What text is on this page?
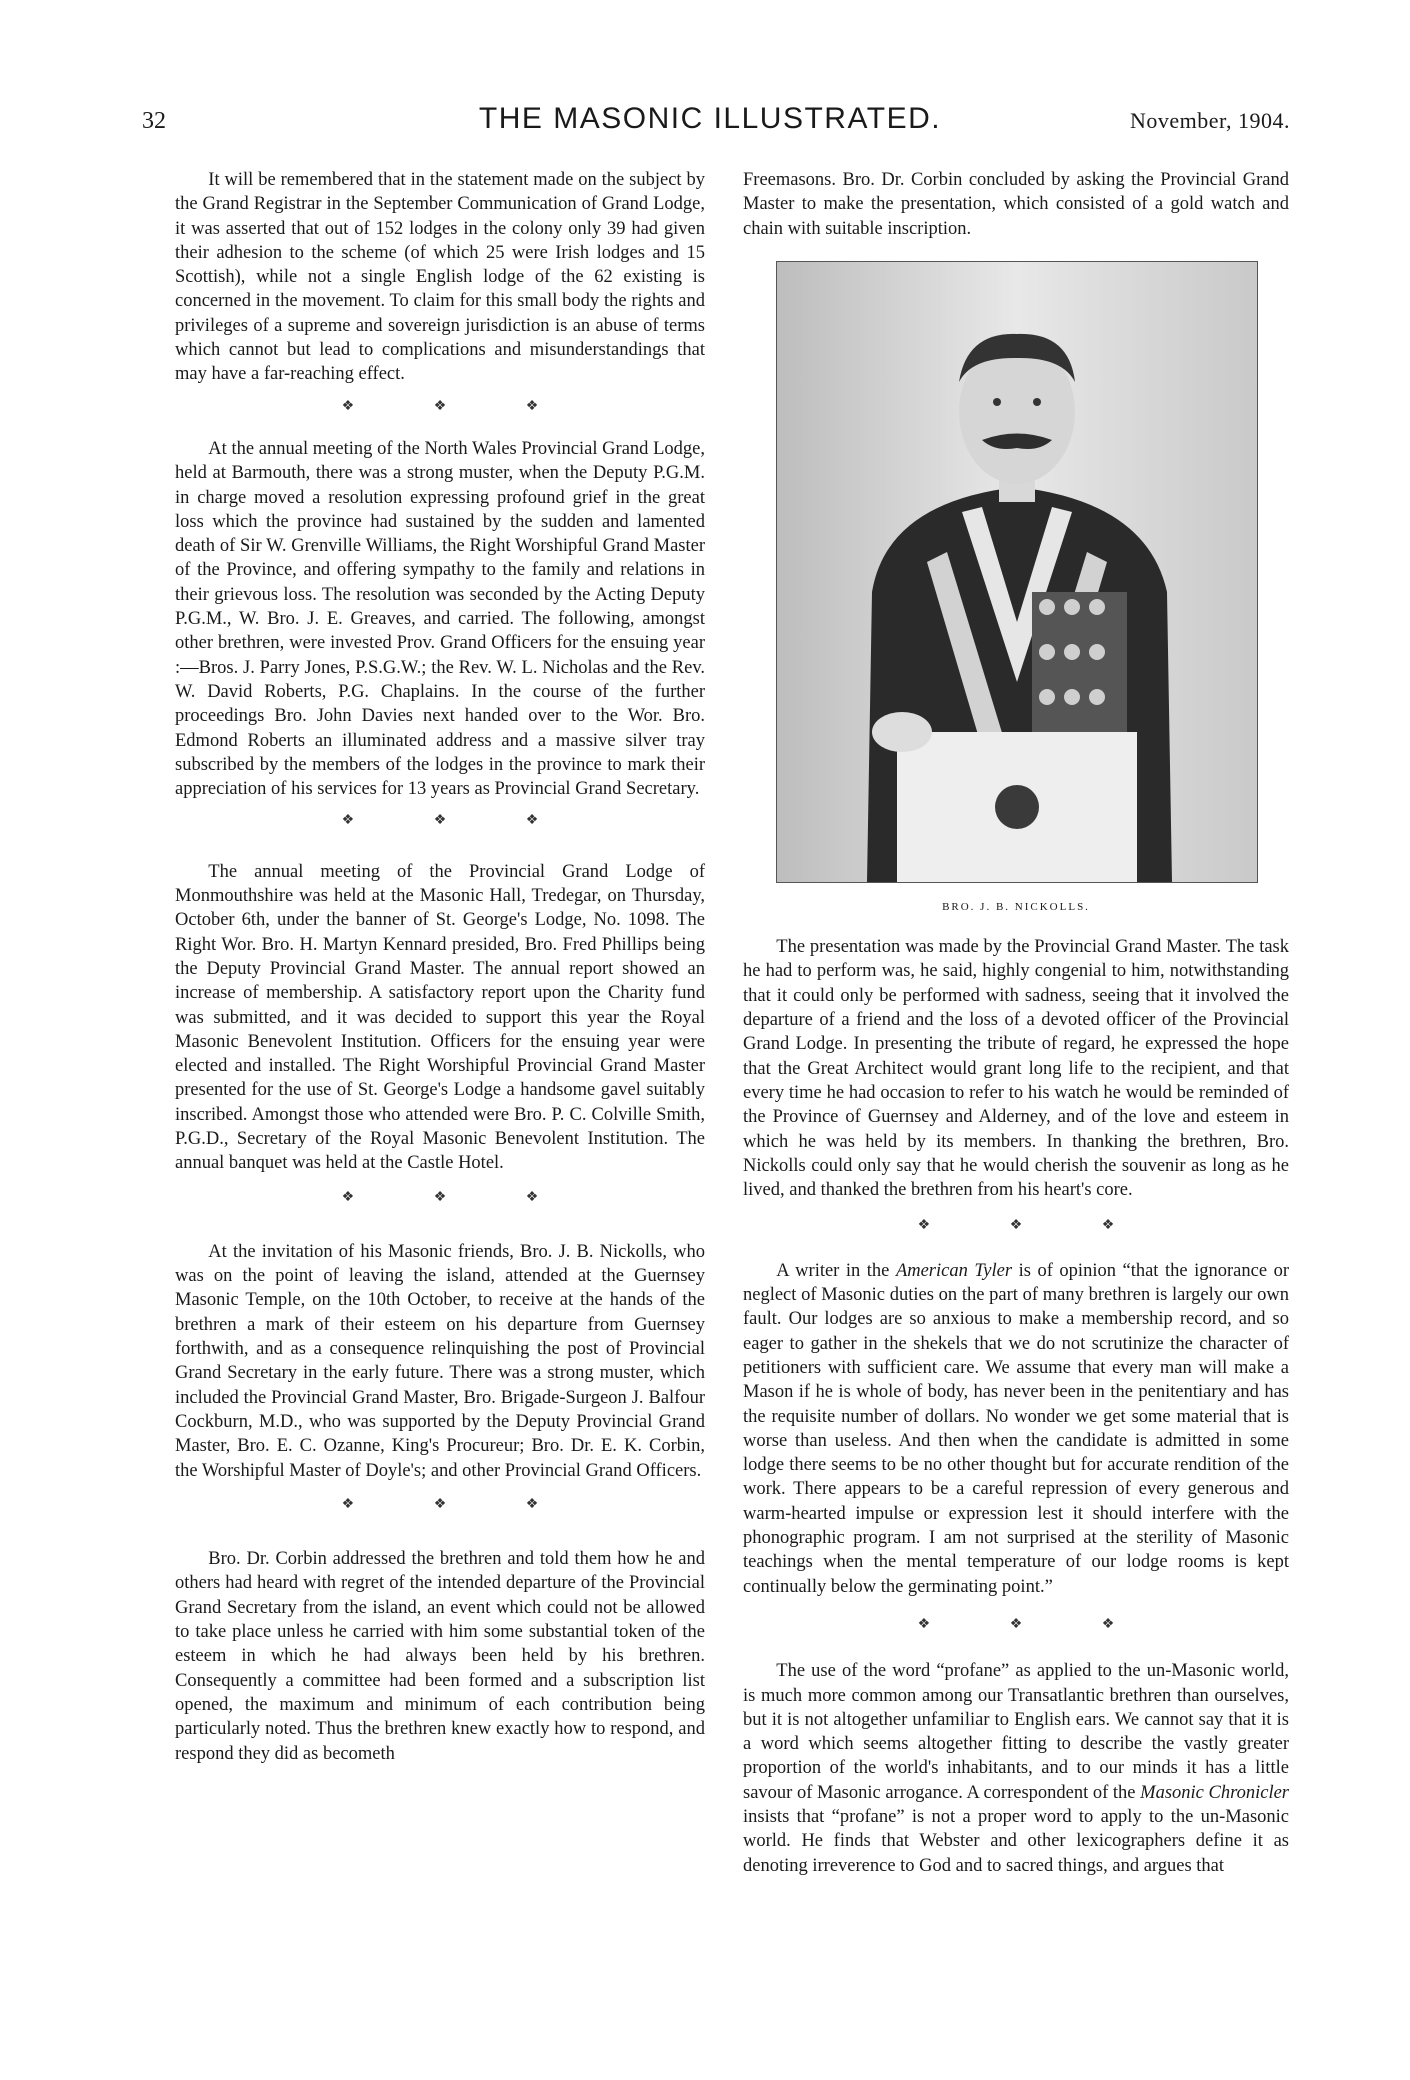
32	THE MASONIC ILLUSTRATED.	November, 1904.

It will be remembered that in the statement made on the subject by the Grand Registrar in the September Communication of Grand Lodge, it was asserted that out of 152 lodges in the colony only 39 had given their adhesion to the scheme (of which 25 were Irish lodges and 15 Scottish), while not a single English lodge of the 62 existing is concerned in the movement. To claim for this small body the rights and privileges of a supreme and sovereign jurisdiction is an abuse of terms which cannot but lead to complications and misunderstandings that may have a far-reaching effect.

❖ ❖ ❖

At the annual meeting of the North Wales Provincial Grand Lodge, held at Barmouth, there was a strong muster, when the Deputy P.G.M. in charge moved a resolution expressing profound grief in the great loss which the province had sustained by the sudden and lamented death of Sir W. Grenville Williams, the Right Worshipful Grand Master of the Province, and offering sympathy to the family and relations in their grievous loss. The resolution was seconded by the Acting Deputy P.G.M., W. Bro. J. E. Greaves, and carried. The following, amongst other brethren, were invested Prov. Grand Officers for the ensuing year :—Bros. J. Parry Jones, P.S.G.W.; the Rev. W. L. Nicholas and the Rev. W. David Roberts, P.G. Chaplains. In the course of the further proceedings Bro. John Davies next handed over to the Wor. Bro. Edmond Roberts an illuminated address and a massive silver tray subscribed by the members of the lodges in the province to mark their appreciation of his services for 13 years as Provincial Grand Secretary.

❖ ❖ ❖

The annual meeting of the Provincial Grand Lodge of Monmouthshire was held at the Masonic Hall, Tredegar, on Thursday, October 6th, under the banner of St. George's Lodge, No. 1098. The Right Wor. Bro. H. Martyn Kennard presided, Bro. Fred Phillips being the Deputy Provincial Grand Master. The annual report showed an increase of membership. A satisfactory report upon the Charity fund was submitted, and it was decided to support this year the Royal Masonic Benevolent Institution. Officers for the ensuing year were elected and installed. The Right Worshipful Provincial Grand Master presented for the use of St. George's Lodge a handsome gavel suitably inscribed. Amongst those who attended were Bro. P. C. Colville Smith, P.G.D., Secretary of the Royal Masonic Benevolent Institution. The annual banquet was held at the Castle Hotel.

❖ ❖ ❖

At the invitation of his Masonic friends, Bro. J. B. Nickolls, who was on the point of leaving the island, attended at the Guernsey Masonic Temple, on the 10th October, to receive at the hands of the brethren a mark of their esteem on his departure from Guernsey forthwith, and as a consequence relinquishing the post of Provincial Grand Secretary in the early future. There was a strong muster, which included the Provincial Grand Master, Bro. Brigade-Surgeon J. Balfour Cockburn, M.D., who was supported by the Deputy Provincial Grand Master, Bro. E. C. Ozanne, King's Procureur; Bro. Dr. E. K. Corbin, the Worshipful Master of Doyle's; and other Provincial Grand Officers.

❖ ❖ ❖

Bro. Dr. Corbin addressed the brethren and told them how he and others had heard with regret of the intended departure of the Provincial Grand Secretary from the island, an event which could not be allowed to take place unless he carried with him some substantial token of the esteem in which he had always been held by his brethren. Consequently a committee had been formed and a subscription list opened, the maximum and minimum of each contribution being particularly noted. Thus the brethren knew exactly how to respond, and respond they did as becometh

Freemasons. Bro. Dr. Corbin concluded by asking the Provincial Grand Master to make the presentation, which consisted of a gold watch and chain with suitable inscription.

BRO. J. B. NICKOLLS.

The presentation was made by the Provincial Grand Master. The task he had to perform was, he said, highly congenial to him, notwithstanding that it could only be performed with sadness, seeing that it involved the departure of a friend and the loss of a devoted officer of the Provincial Grand Lodge. In presenting the tribute of regard, he expressed the hope that the Great Architect would grant long life to the recipient, and that every time he had occasion to refer to his watch he would be reminded of the Province of Guernsey and Alderney, and of the love and esteem in which he was held by its members. In thanking the brethren, Bro. Nickolls could only say that he would cherish the souvenir as long as he lived, and thanked the brethren from his heart's core.

❖ ❖ ❖

A writer in the American Tyler is of opinion “that the ignorance or neglect of Masonic duties on the part of many brethren is largely our own fault. Our lodges are so anxious to make a membership record, and so eager to gather in the shekels that we do not scrutinize the character of petitioners with sufficient care. We assume that every man will make a Mason if he is whole of body, has never been in the penitentiary and has the requisite number of dollars. No wonder we get some material that is worse than useless. And then when the candidate is admitted in some lodge there seems to be no other thought but for accurate rendition of the work. There appears to be a careful repression of every generous and warm-hearted impulse or expression lest it should interfere with the phonographic program. I am not surprised at the sterility of Masonic teachings when the mental temperature of our lodge rooms is kept continually below the germinating point.”

❖ ❖ ❖

The use of the word “profane” as applied to the un-Masonic world, is much more common among our Transatlantic brethren than ourselves, but it is not altogether unfamiliar to English ears. We cannot say that it is a word which seems altogether fitting to describe the vastly greater proportion of the world's inhabitants, and to our minds it has a little savour of Masonic arrogance. A correspondent of the Masonic Chronicler insists that “profane” is not a proper word to apply to the un-Masonic world. He finds that Webster and other lexicographers define it as denoting irreverence to God and to sacred things, and argues that
